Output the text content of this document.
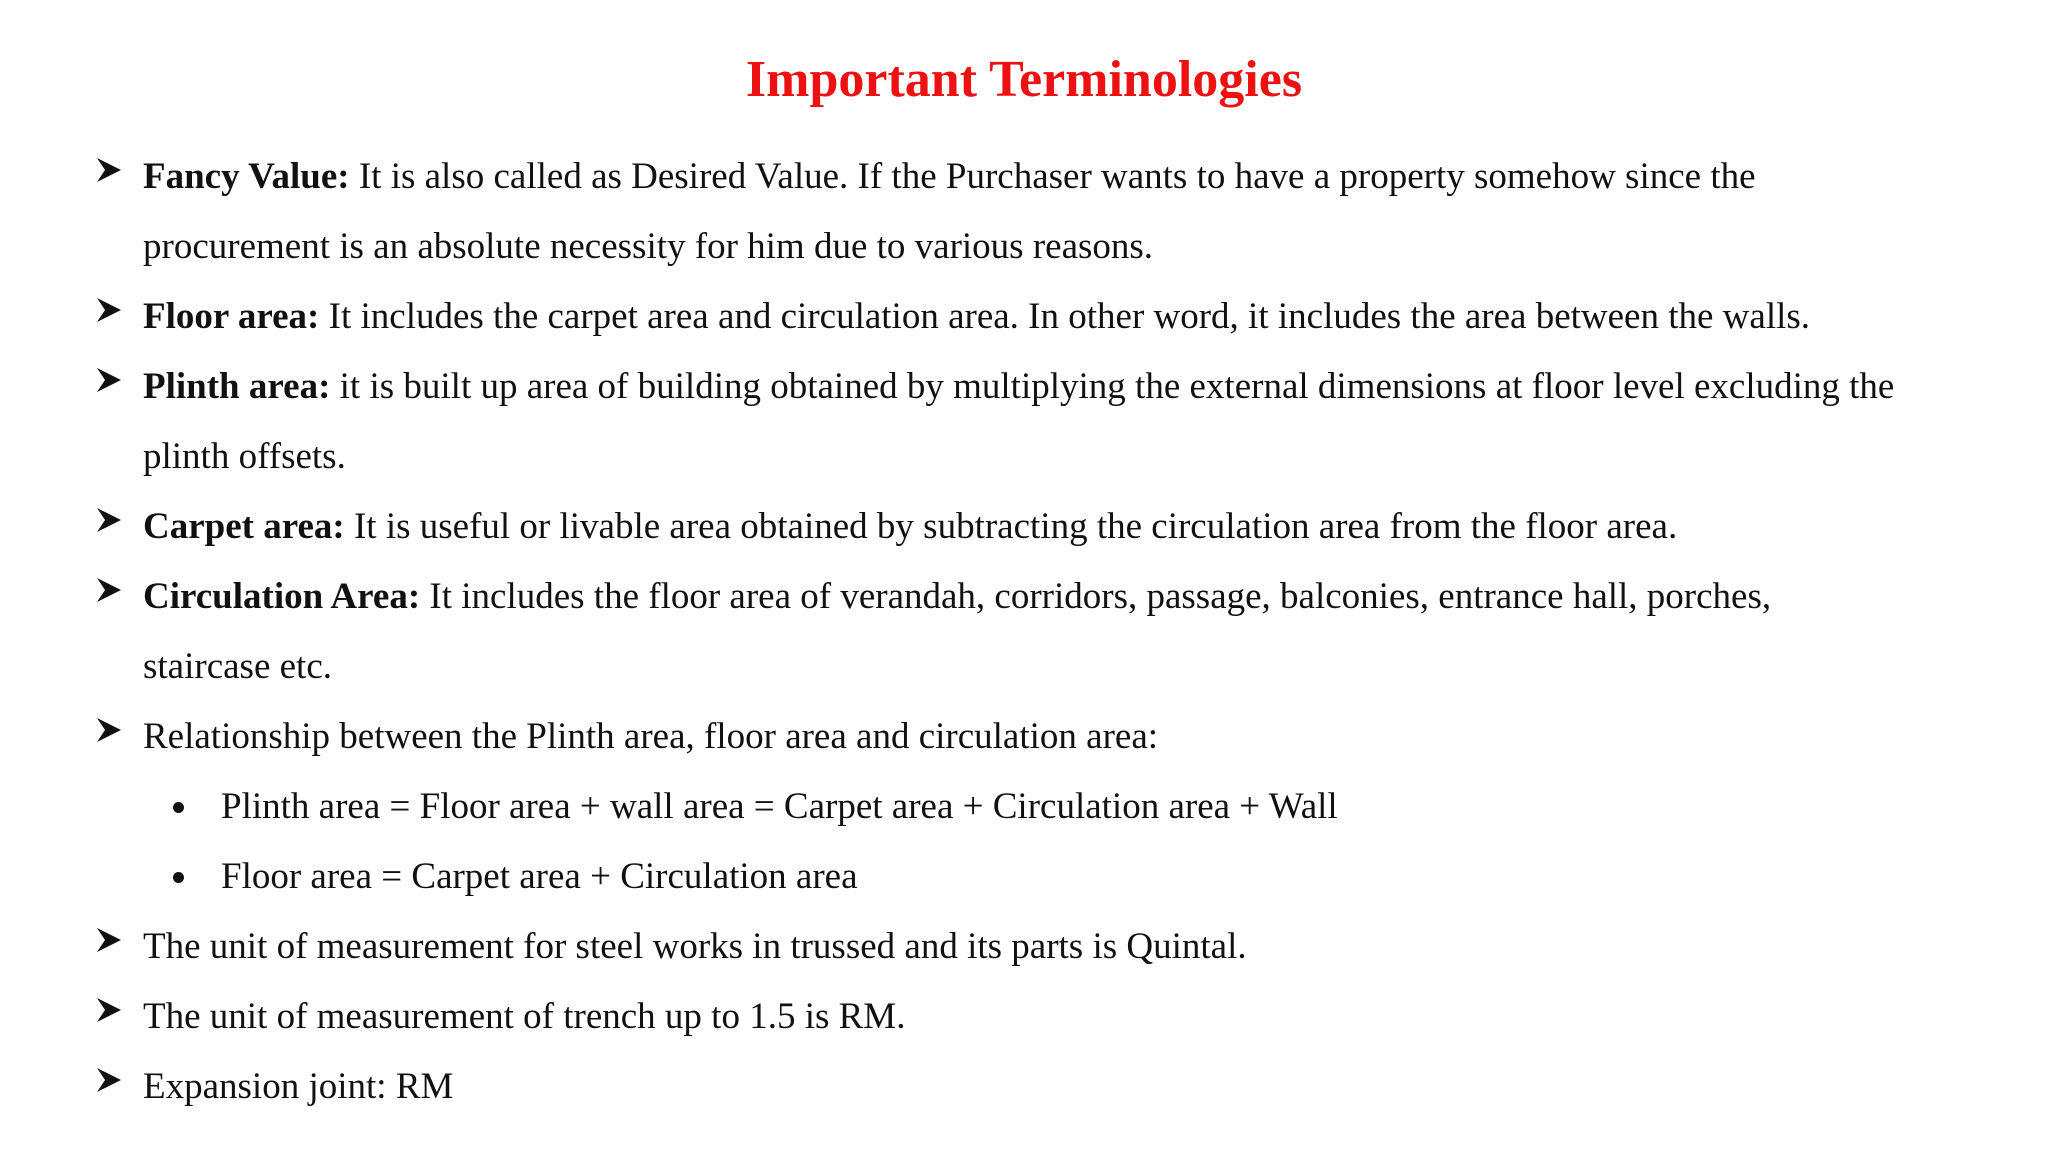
Important Terminologies
Fancy Value: It is also called as Desired Value. If the Purchaser wants to have a property somehow since the
procurement is an absolute necessity for him due to various reasons.
Floor area: It includes the carpet area and circulation area. In other word, it includes the area between the walls.
Plinth area: it is built up area of building obtained by multiplying the external dimensions at floor level excluding the
plinth offsets.
Carpet area: It is useful or livable area obtained by subtracting the circulation area from the floor area.
Circulation Area: It includes the floor area of verandah, corridors, passage, balconies, entrance hall, porches,
staircase etc.
Relationship between the Plinth area, floor area and circulation area:
Plinth area = Floor area + wall area = Carpet area + Circulation area + Wall
Floor area = Carpet area + Circulation area
The unit of measurement for steel works in trussed and its parts is Quintal.
The unit of measurement of trench up to 1.5 is RM.
Expansion joint: RM
